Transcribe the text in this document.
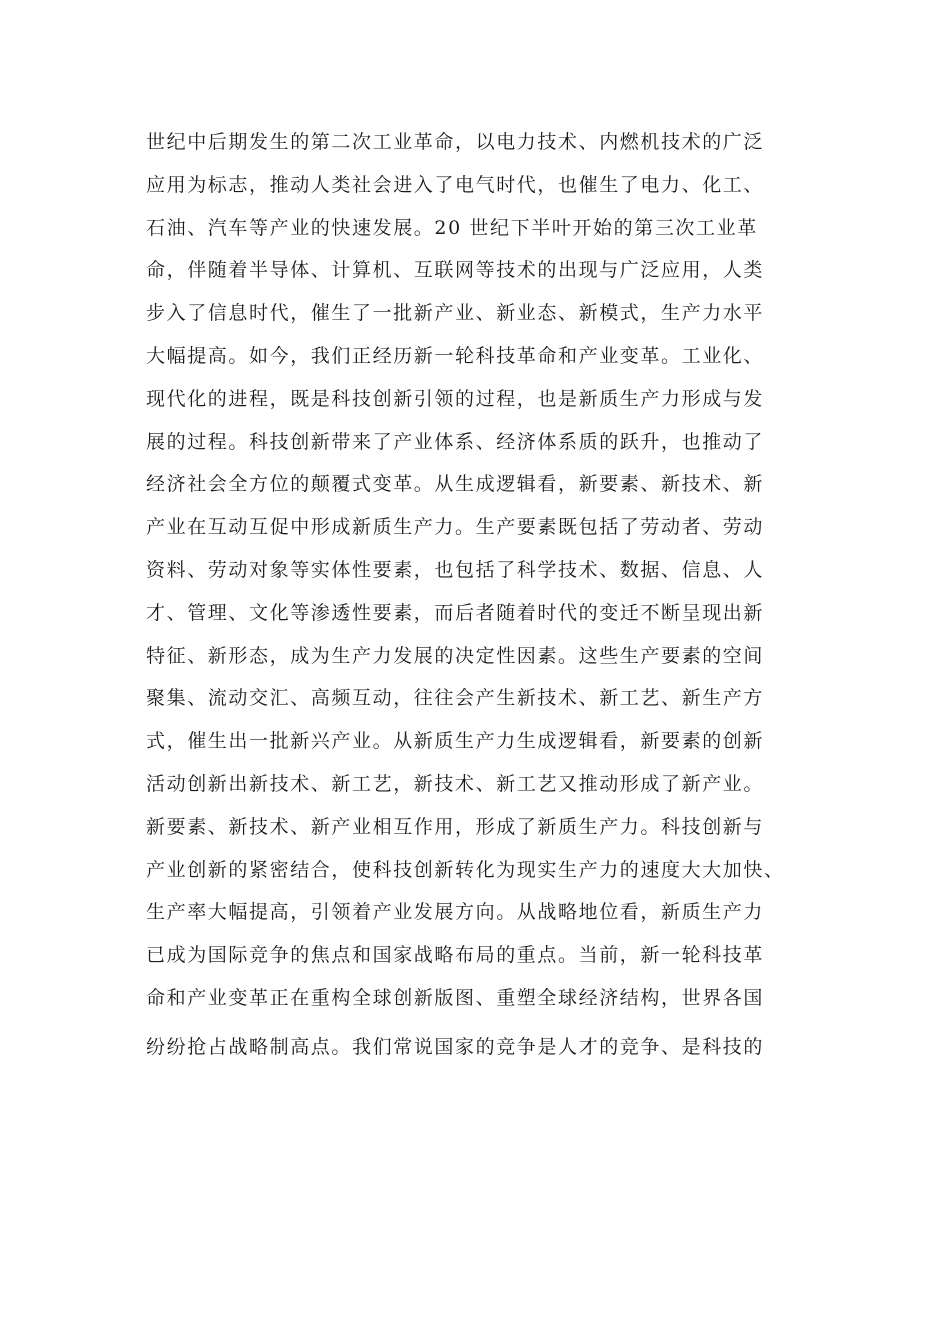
世纪中后期发生的第二次工业革命，以电力技术、内燃机技术的广泛
应用为标志，推动人类社会进入了电气时代，也催生了电力、化工、
石油、汽车等产业的快速发展。20 世纪下半叶开始的第三次工业革
命，伴随着半导体、计算机、互联网等技术的出现与广泛应用，人类
步入了信息时代，催生了一批新产业、新业态、新模式，生产力水平
大幅提高。如今，我们正经历新一轮科技革命和产业变革。工业化、
现代化的进程，既是科技创新引领的过程，也是新质生产力形成与发
展的过程。科技创新带来了产业体系、经济体系质的跃升，也推动了
经济社会全方位的颠覆式变革。从生成逻辑看，新要素、新技术、新
产业在互动互促中形成新质生产力。生产要素既包括了劳动者、劳动
资料、劳动对象等实体性要素，也包括了科学技术、数据、信息、人
才、管理、文化等渗透性要素，而后者随着时代的变迁不断呈现出新
特征、新形态，成为生产力发展的决定性因素。这些生产要素的空间
聚集、流动交汇、高频互动，往往会产生新技术、新工艺、新生产方
式，催生出一批新兴产业。从新质生产力生成逻辑看，新要素的创新
活动创新出新技术、新工艺，新技术、新工艺又推动形成了新产业。
新要素、新技术、新产业相互作用，形成了新质生产力。科技创新与
产业创新的紧密结合，使科技创新转化为现实生产力的速度大大加快、
生产率大幅提高，引领着产业发展方向。从战略地位看，新质生产力
已成为国际竞争的焦点和国家战略布局的重点。当前，新一轮科技革
命和产业变革正在重构全球创新版图、重塑全球经济结构，世界各国
纷纷抢占战略制高点。我们常说国家的竞争是人才的竞争、是科技的
